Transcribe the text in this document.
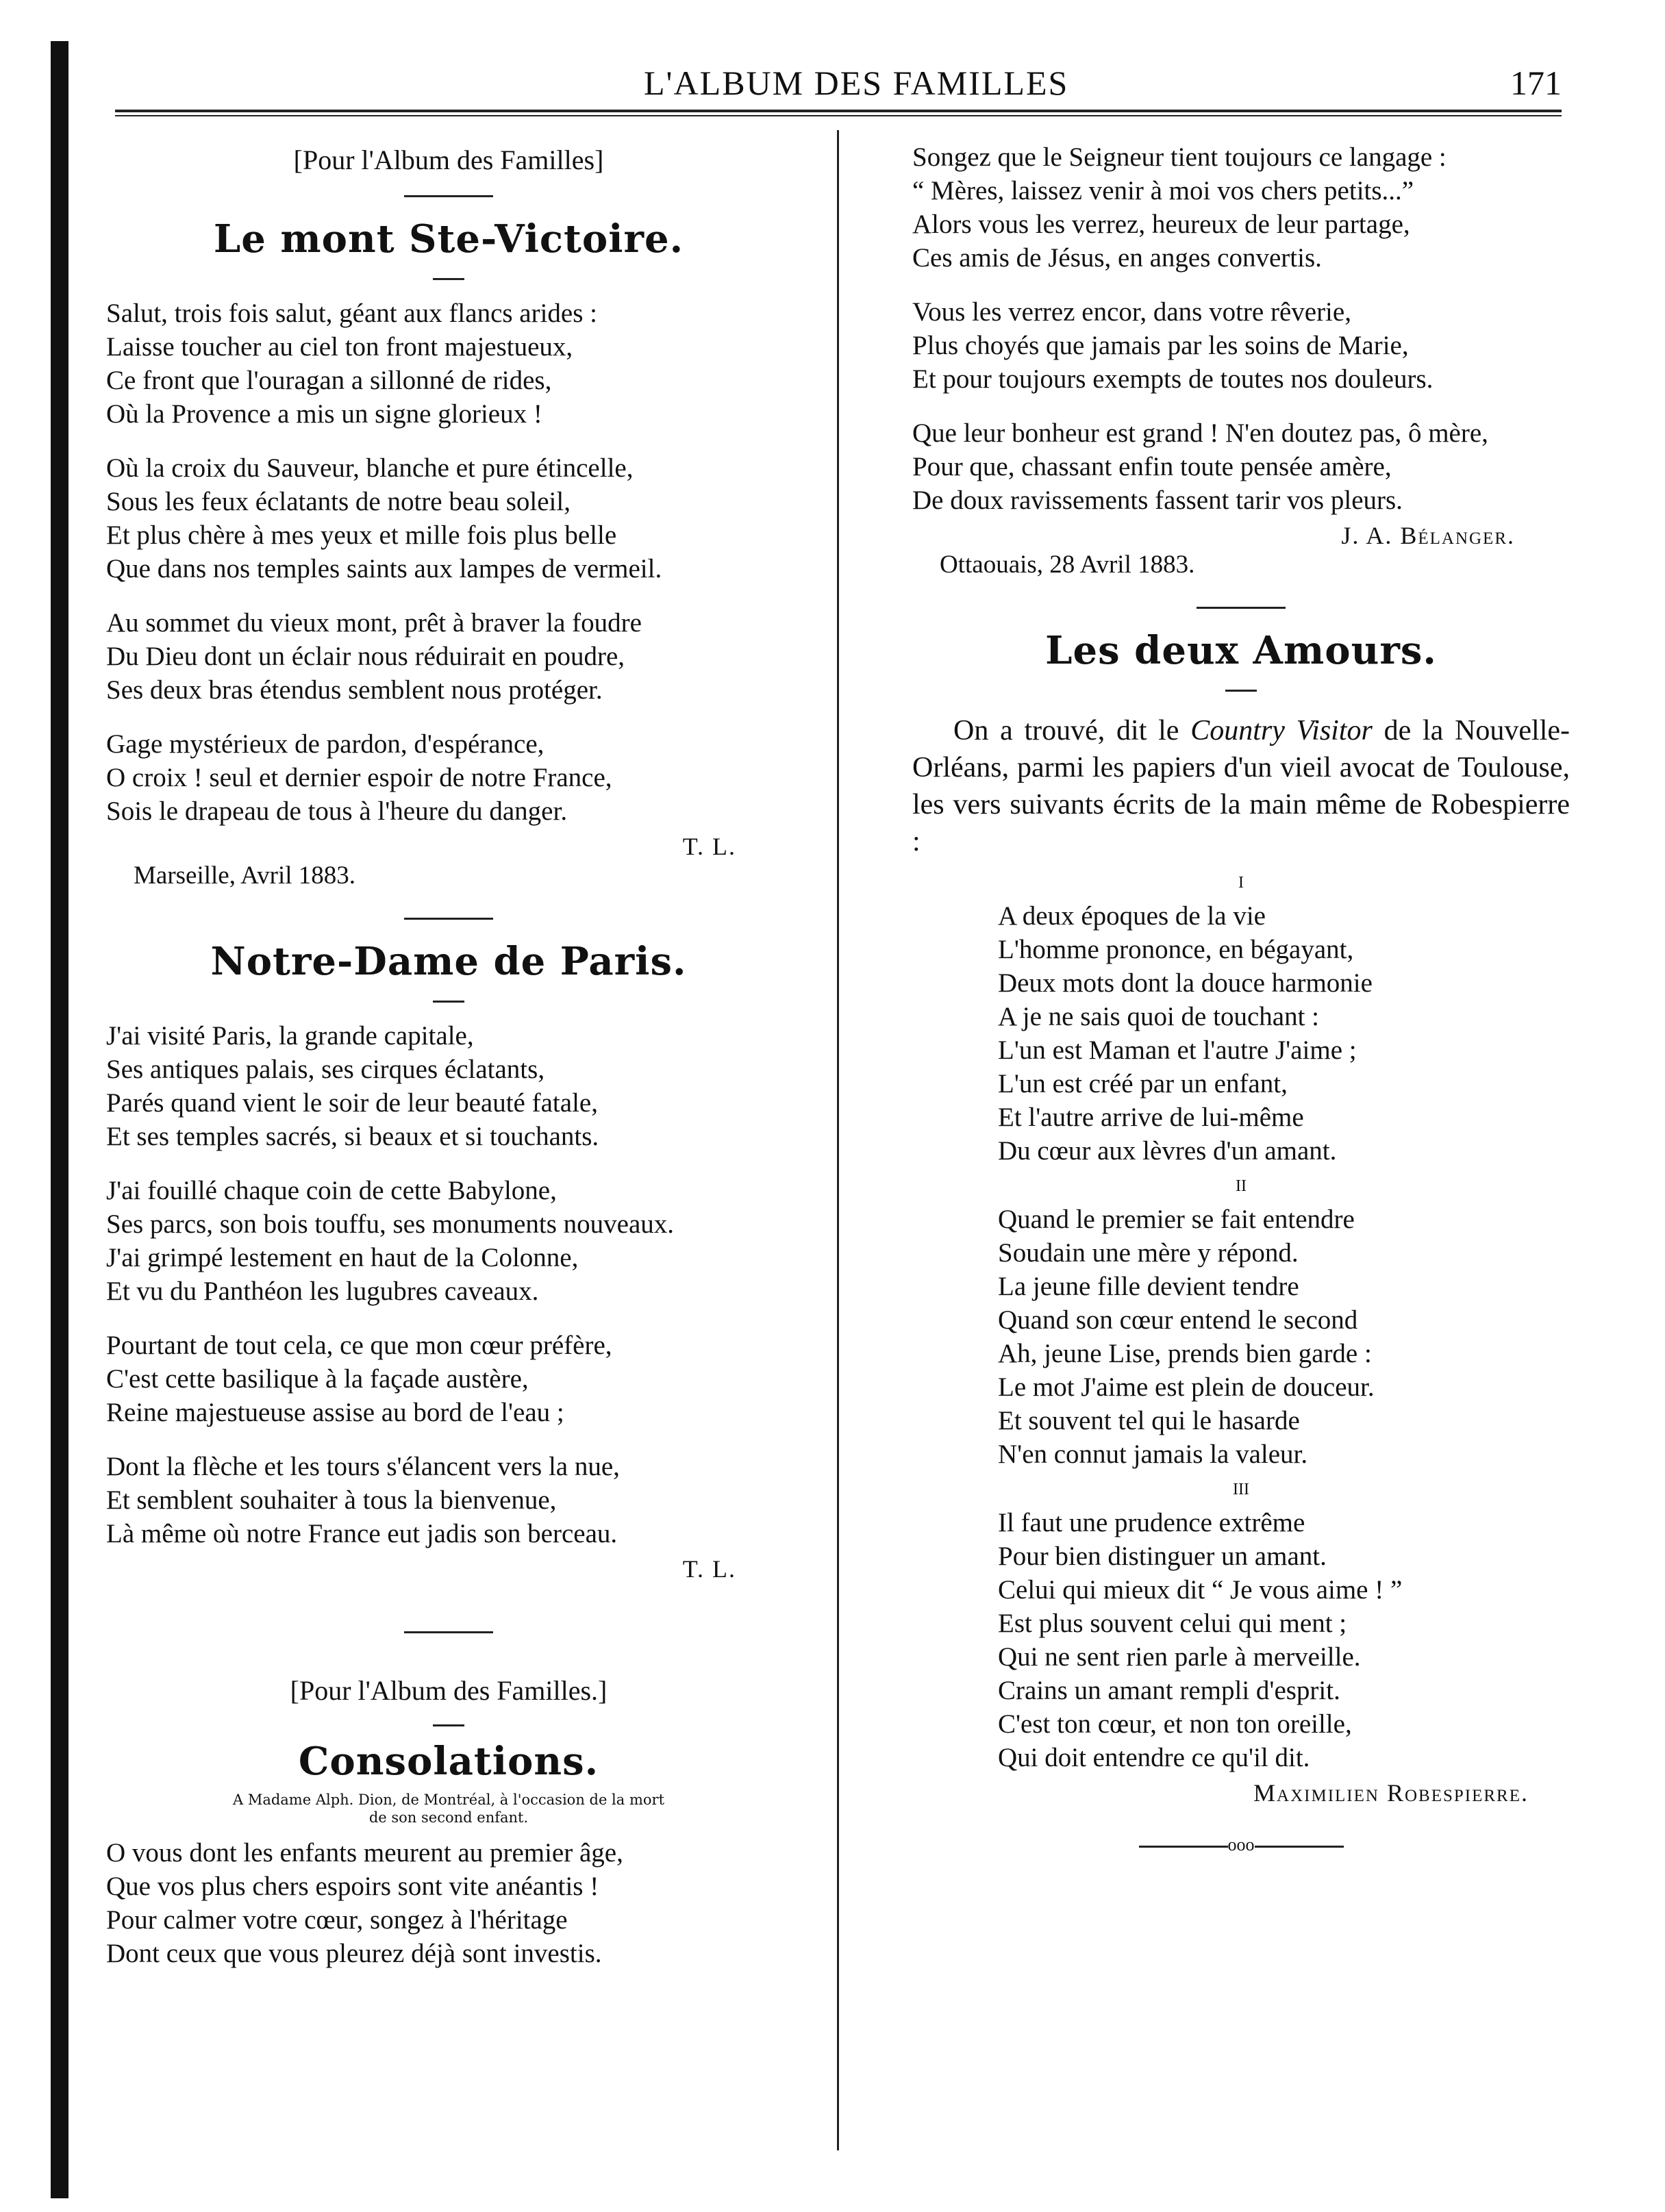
L'ALBUM DES FAMILLES	171

[Pour l'Album des Familles]

Le mont Ste-Victoire.
Salut, trois fois salut, géant aux flancs arides :
Laisse toucher au ciel ton front majestueux,
Ce front que l'ouragan a sillonné de rides,
Où la Provence a mis un signe glorieux !
Où la croix du Sauveur, blanche et pure étincelle,
Sous les feux éclatants de notre beau soleil,
Et plus chère à mes yeux et mille fois plus belle
Que dans nos temples saints aux lampes de vermeil.
Au sommet du vieux mont, prêt à braver la foudre
Du Dieu dont un éclair nous réduirait en poudre,
Ses deux bras étendus semblent nous protéger.
Gage mystérieux de pardon, d'espérance,
O croix ! seul et dernier espoir de notre France,
Sois le drapeau de tous à l'heure du danger.

T. L.

Marseille, Avril 1883.

Notre-Dame de Paris.
J'ai visité Paris, la grande capitale,
Ses antiques palais, ses cirques éclatants,
Parés quand vient le soir de leur beauté fatale,
Et ses temples sacrés, si beaux et si touchants.
J'ai fouillé chaque coin de cette Babylone,
Ses parcs, son bois touffu, ses monuments nouveaux.
J'ai grimpé lestement en haut de la Colonne,
Et vu du Panthéon les lugubres caveaux.
Pourtant de tout cela, ce que mon cœur préfère,
C'est cette basilique à la façade austère,
Reine majestueuse assise au bord de l'eau ;
Dont la flèche et les tours s'élancent vers la nue,
Et semblent souhaiter à tous la bienvenue,
Là même où notre France eut jadis son berceau.

T. L.

[Pour l'Album des Familles.]

Consolations.
A Madame Alph. Dion, de Montréal, à l'occasion de la mort
de son second enfant.
O vous dont les enfants meurent au premier âge,
Que vos plus chers espoirs sont vite anéantis !
Pour calmer votre cœur, songez à l'héritage
Dont ceux que vous pleurez déjà sont investis.
Songez que le Seigneur tient toujours ce langage :
“ Mères, laissez venir à moi vos chers petits...”
Alors vous les verrez, heureux de leur partage,
Ces amis de Jésus, en anges convertis.
Vous les verrez encor, dans votre rêverie,
Plus choyés que jamais par les soins de Marie,
Et pour toujours exempts de toutes nos douleurs.
Que leur bonheur est grand ! N'en doutez pas, ô mère,
Pour que, chassant enfin toute pensée amère,
De doux ravissements fassent tarir vos pleurs.

J. A. Bélanger.

Ottaouais, 28 Avril 1883.

Les deux Amours.

On a trouvé, dit le Country Visitor de la Nouvelle-Orléans, parmi les papiers d'un vieil avocat de Toulouse, les vers suivants écrits de la main même de Robespierre :

I
A deux époques de la vie
L'homme prononce, en bégayant,
Deux mots dont la douce harmonie
A je ne sais quoi de touchant :
L'un est Maman et l'autre J'aime ;
L'un est créé par un enfant,
Et l'autre arrive de lui-même
Du cœur aux lèvres d'un amant.
II
Quand le premier se fait entendre
Soudain une mère y répond.
La jeune fille devient tendre
Quand son cœur entend le second
Ah, jeune Lise, prends bien garde :
Le mot J'aime est plein de douceur.
Et souvent tel qui le hasarde
N'en connut jamais la valeur.
III
Il faut une prudence extrême
Pour bien distinguer un amant.
Celui qui mieux dit “ Je vous aime ! ”
Est plus souvent celui qui ment ;
Qui ne sent rien parle à merveille.
Crains un amant rempli d'esprit.
C'est ton cœur, et non ton oreille,
Qui doit entendre ce qu'il dit.

Maximilien Robespierre.

ooo
